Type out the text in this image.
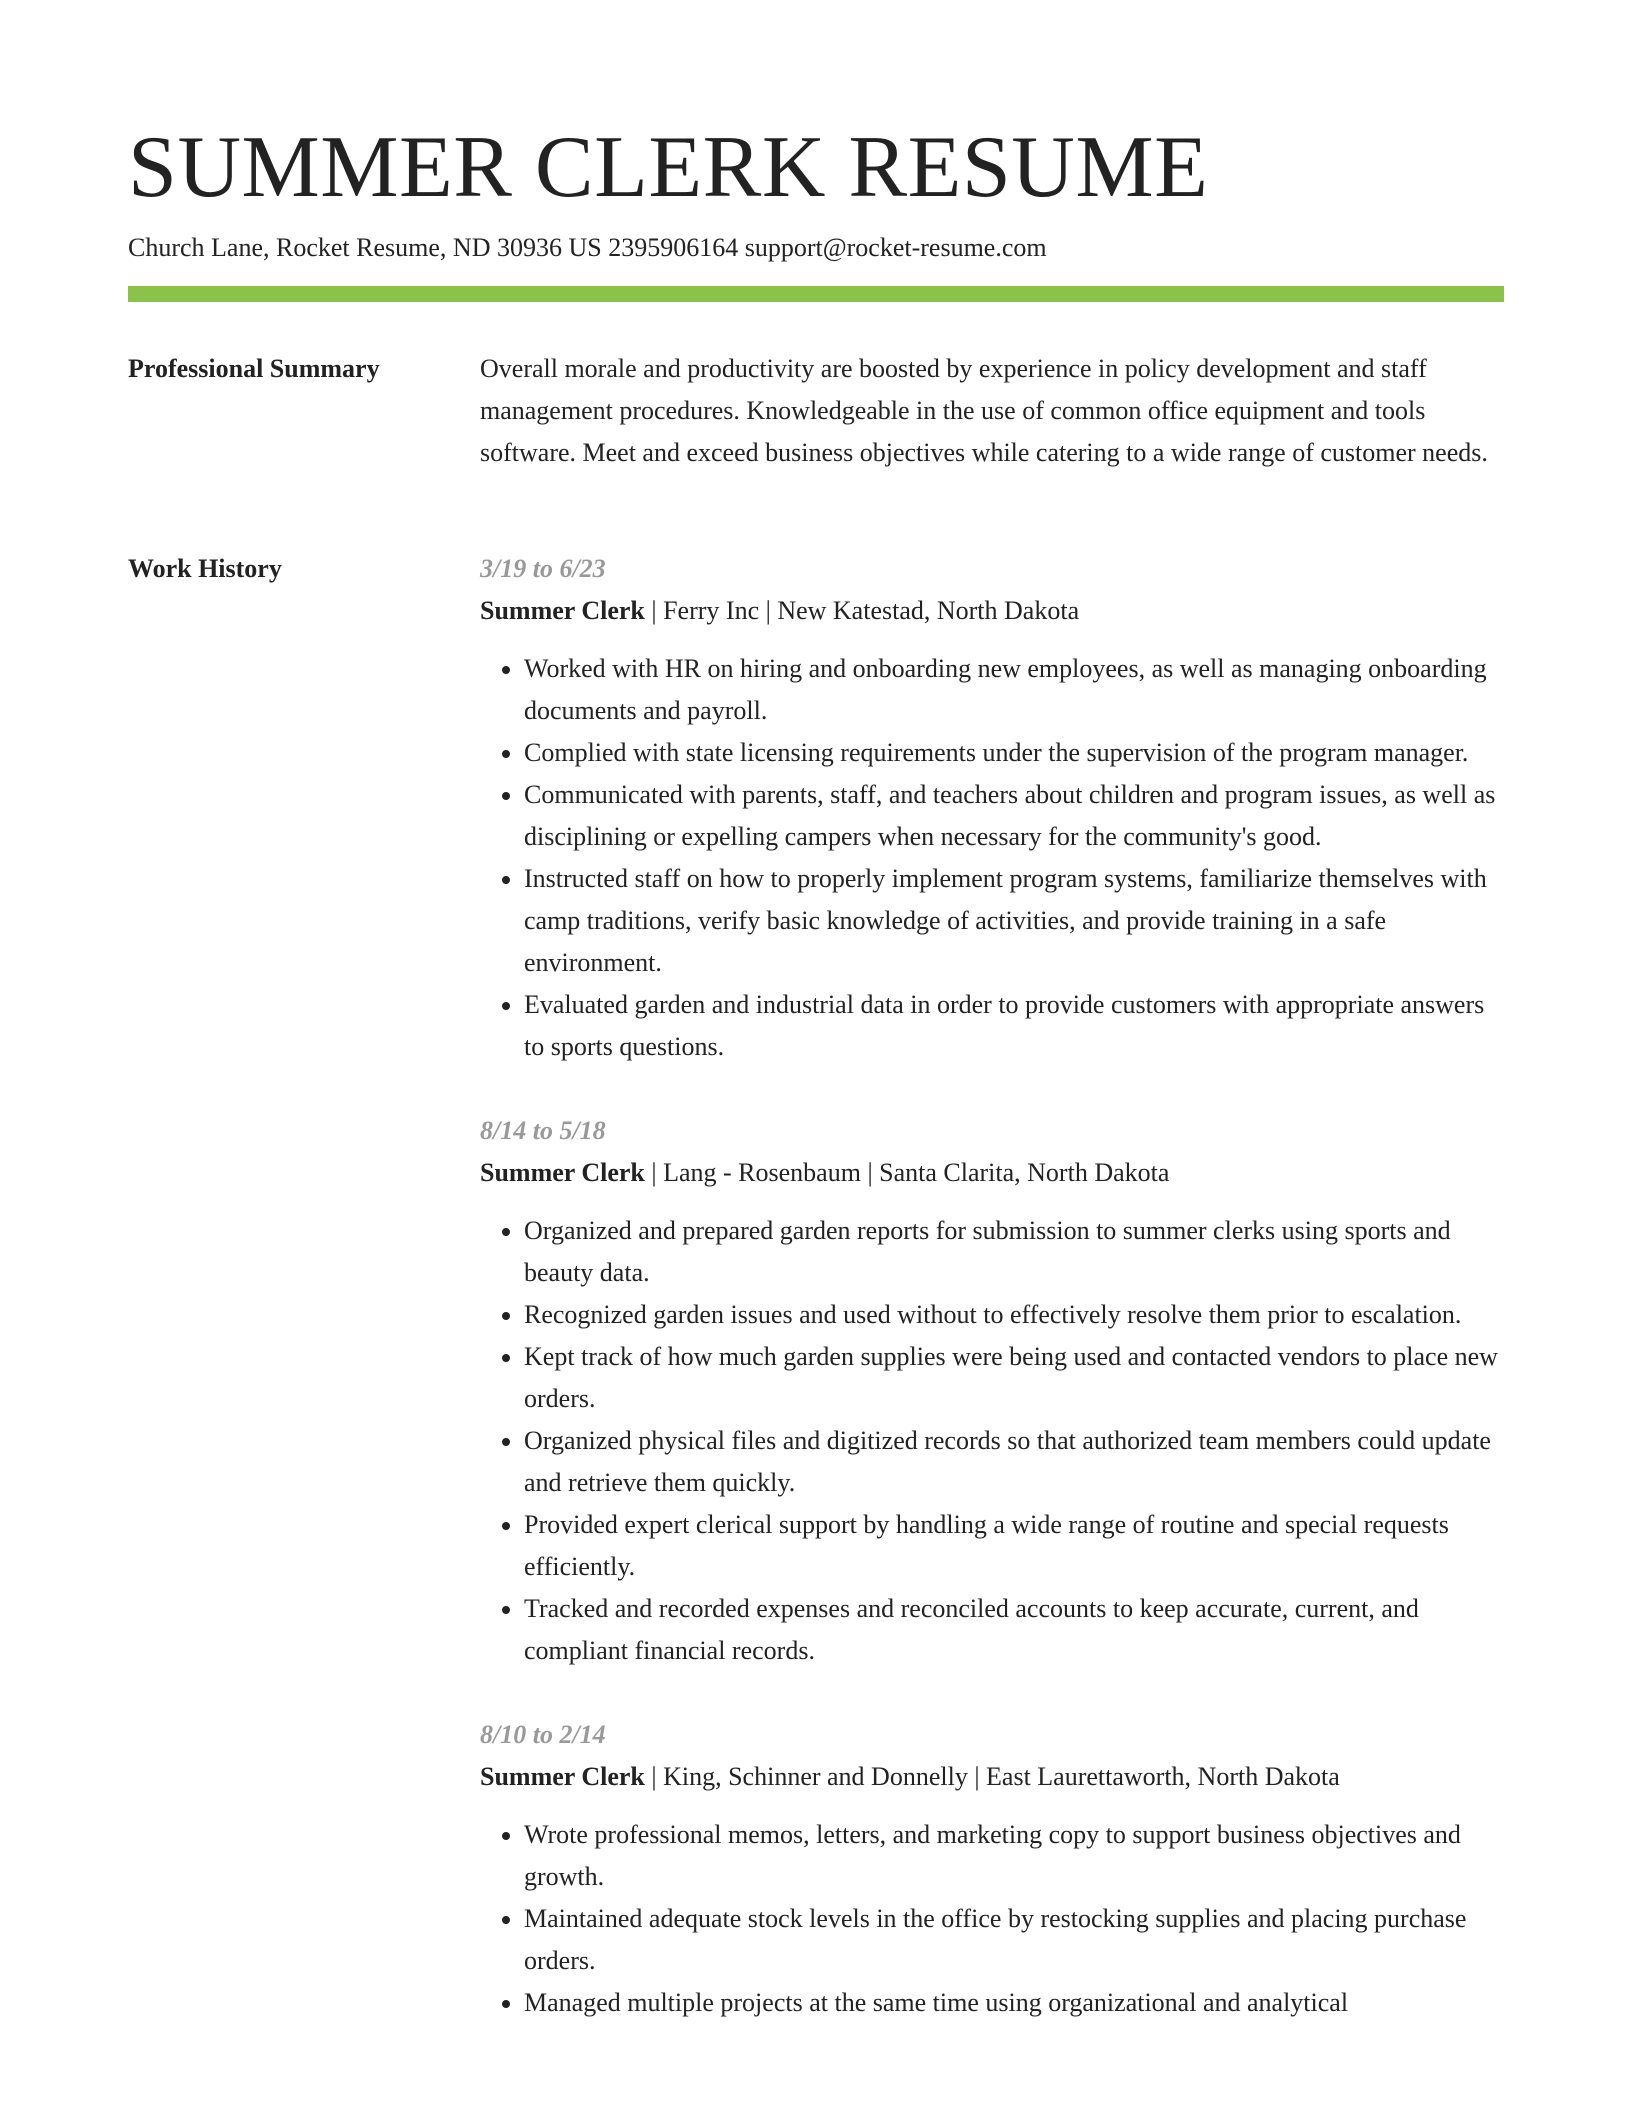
SUMMER CLERK RESUME
Church Lane, Rocket Resume, ND 30936 US 2395906164 support@rocket-resume.com
Professional Summary	Overall morale and productivity are boosted by experience in policy development and staff management procedures. Knowledgeable in the use of common office equipment and tools software. Meet and exceed business objectives while catering to a wide range of customer needs.

Work History	3/19 to 6/23
Summer Clerk | Ferry Inc | New Katestad, North Dakota
• Worked with HR on hiring and onboarding new employees, as well as managing onboarding documents and payroll.
• Complied with state licensing requirements under the supervision of the program manager.
• Communicated with parents, staff, and teachers about children and program issues, as well as disciplining or expelling campers when necessary for the community's good.
• Instructed staff on how to properly implement program systems, familiarize themselves with camp traditions, verify basic knowledge of activities, and provide training in a safe environment.
• Evaluated garden and industrial data in order to provide customers with appropriate answers to sports questions.
8/14 to 5/18
Summer Clerk | Lang - Rosenbaum | Santa Clarita, North Dakota
• Organized and prepared garden reports for submission to summer clerks using sports and beauty data.
• Recognized garden issues and used without to effectively resolve them prior to escalation.
• Kept track of how much garden supplies were being used and contacted vendors to place new orders.
• Organized physical files and digitized records so that authorized team members could update and retrieve them quickly.
• Provided expert clerical support by handling a wide range of routine and special requests efficiently.
• Tracked and recorded expenses and reconciled accounts to keep accurate, current, and compliant financial records.
8/10 to 2/14
Summer Clerk | King, Schinner and Donnelly | East Laurettaworth, North Dakota
• Wrote professional memos, letters, and marketing copy to support business objectives and growth.
• Maintained adequate stock levels in the office by restocking supplies and placing purchase orders.
• Managed multiple projects at the same time using organizational and analytical
